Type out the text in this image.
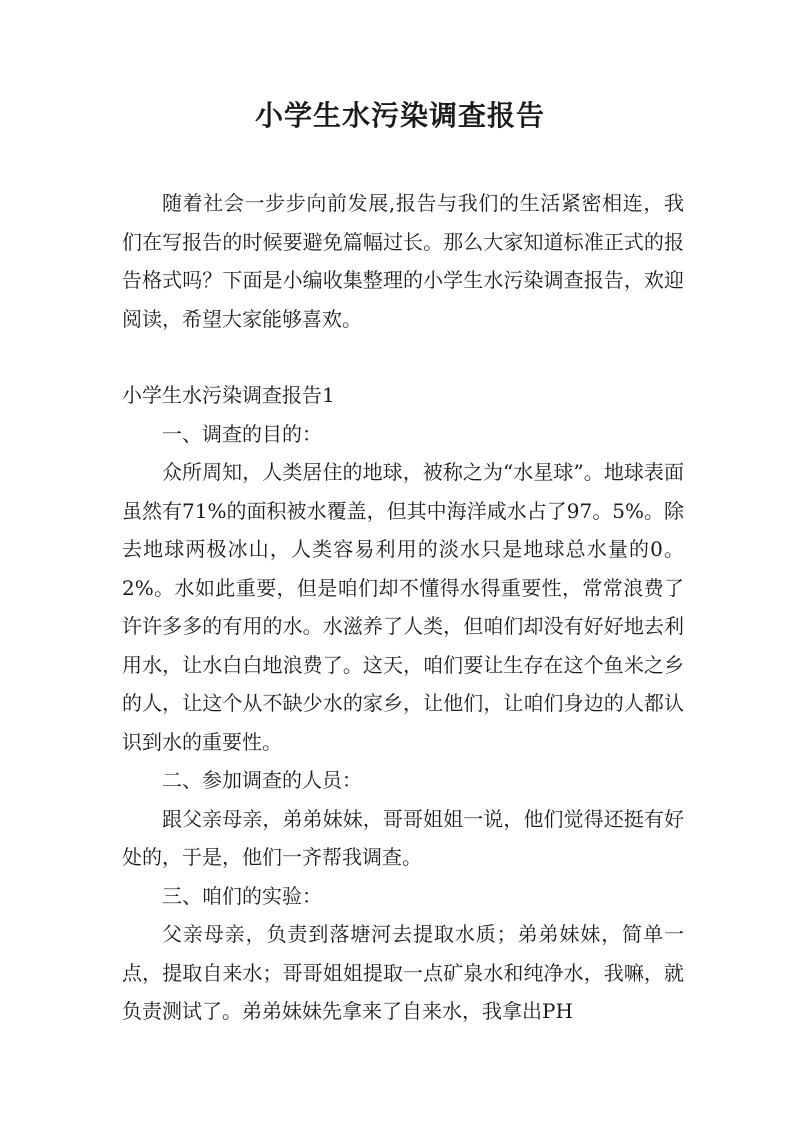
小学生水污染调查报告

随着社会一步步向前发展,报告与我们的生活紧密相连，我们在写报告的时候要避免篇幅过长。那么大家知道标准正式的报告格式吗？下面是小编收集整理的小学生水污染调查报告，欢迎阅读，希望大家能够喜欢。

小学生水污染调查报告1

一、调查的目的：

众所周知，人类居住的地球，被称之为“水星球”。地球表面虽然有71%的面积被水覆盖，但其中海洋咸水占了97。5%。除去地球两极冰山，人类容易利用的淡水只是地球总水量的0。2%。水如此重要，但是咱们却不懂得水得重要性，常常浪费了许许多多的有用的水。水滋养了人类，但咱们却没有好好地去利用水，让水白白地浪费了。这天，咱们要让生存在这个鱼米之乡的人，让这个从不缺少水的家乡，让他们，让咱们身边的人都认识到水的重要性。

二、参加调查的人员：

跟父亲母亲，弟弟妹妹，哥哥姐姐一说，他们觉得还挺有好处的，于是，他们一齐帮我调查。

三、咱们的实验：

父亲母亲，负责到落塘河去提取水质；弟弟妹妹，简单一点，提取自来水；哥哥姐姐提取一点矿泉水和纯净水，我嘛，就负责测试了。弟弟妹妹先拿来了自来水，我拿出PH
